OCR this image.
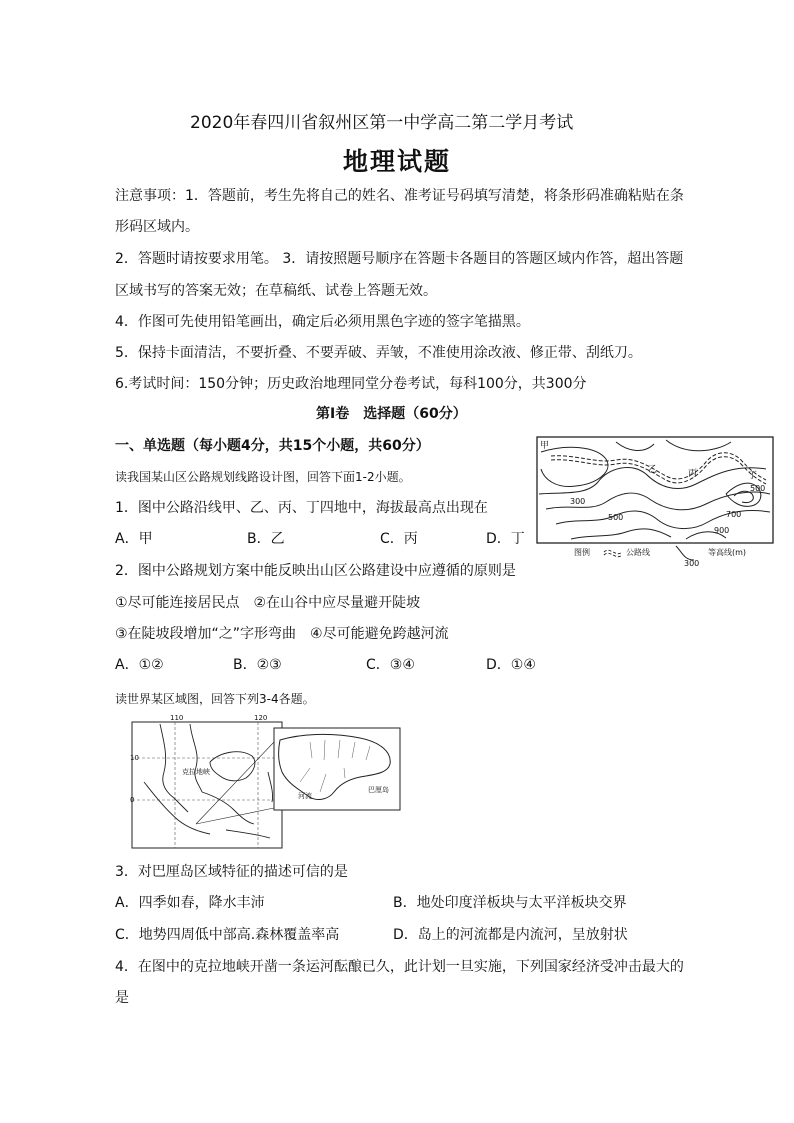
2020年春四川省叙州区第一中学高二第二学月考试
地理试题
注意事项：1．答题前，考生先将自己的姓名、准考证号码填写清楚，将条形码准确粘贴在条
形码区域内。
2．答题时请按要求用笔。 3．请按照题号顺序在答题卡各题目的答题区域内作答，超出答题
区域书写的答案无效；在草稿纸、试卷上答题无效。
4．作图可先使用铅笔画出，确定后必须用黑色字迹的签字笔描黑。
5．保持卡面清洁，不要折叠、不要弄破、弄皱，不准使用涂改液、修正带、刮纸刀。
6.考试时间：150分钟；历史政治地理同堂分卷考试，每科100分，共300分
第Ⅰ卷　选择题（60分）
一、单选题（每小题4分，共15个小题，共60分）
读我国某山区公路规划线路设计图，回答下面1-2小题。
1．图中公路沿线甲、乙、丙、丁四地中，海拔最高点出现在
A．甲	B．乙	C．丙	D．丁
2．图中公路规划方案中能反映出山区公路建设中应遵循的原则是
①尽可能连接居民点　②在山谷中应尽量避开陡坡
③在陡坡段增加“之”字形弯曲　④尽可能避免跨越河流
A．①②	B．②③	C．③④	D．①④
甲
乙	丙	丁
300
500
500
700
900
图例	公路线
300
等高线(m)
读世界某区域图，回答下列3-4各题。
110	120
10
0
克拉地峡
河流
巴厘岛
3．对巴厘岛区域特征的描述可信的是
A．四季如春，降水丰沛	B．地处印度洋板块与太平洋板块交界
C．地势四周低中部高.森林覆盖率高	D．岛上的河流都是内流河，呈放射状
4．在图中的克拉地峡开凿一条运河酝酿已久，此计划一旦实施，下列国家经济受冲击最大的
是
